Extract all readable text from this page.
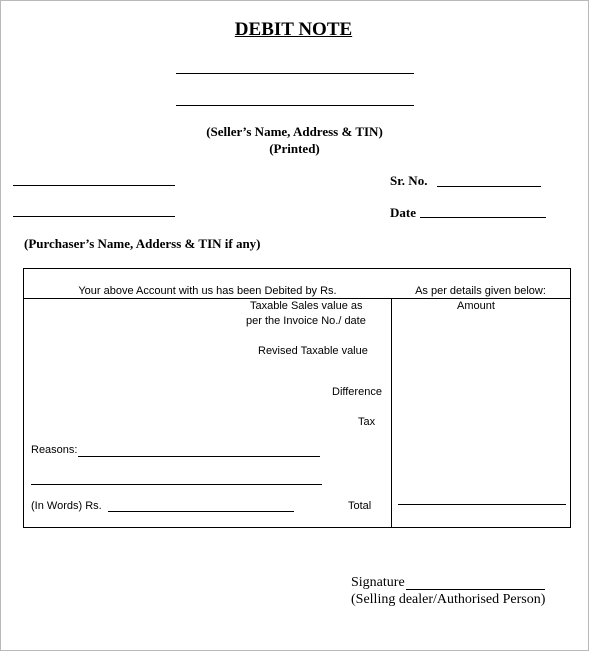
DEBIT NOTE
(Seller’s Name, Address & TIN)
(Printed)
Sr. No.
Date
(Purchaser’s Name, Adderss & TIN if any)
Your above Account with us has been Debited by Rs.	As per details given below:
Amount
Taxable Sales value as
per the Invoice No./ date
Revised Taxable value
Difference
Tax
Reasons:
(In Words) Rs.	Total
Signature
(Selling dealer/Authorised Person)
